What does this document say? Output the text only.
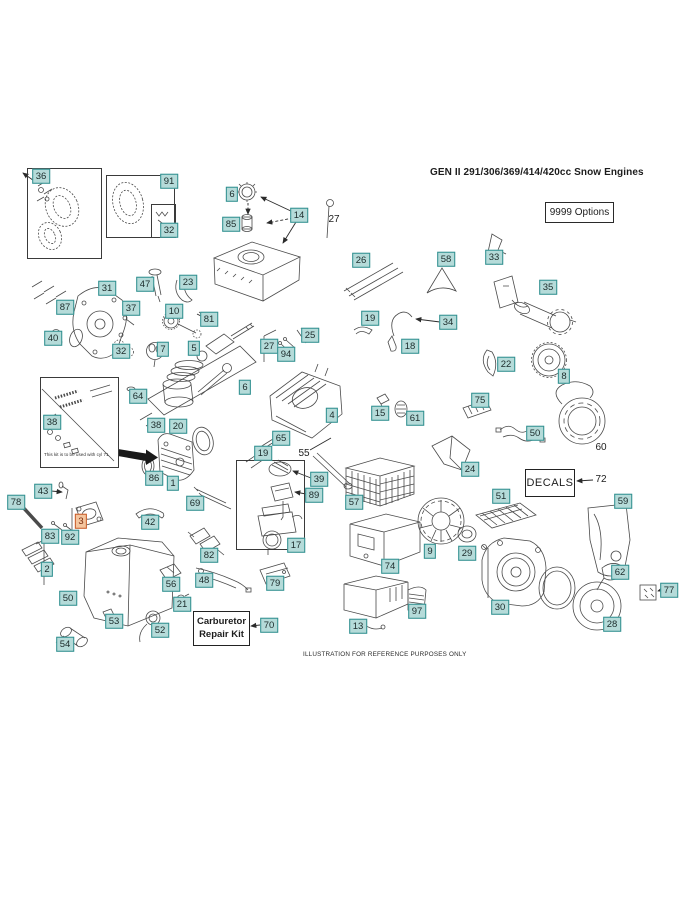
GEN II 291/306/369/414/420cc Snow Engines
9999 Options
DECALS
Carburetor
Repair Kit
This kit is to be used with cyl 71
ILLUSTRATION FOR REFERENCE PURPOSES ONLY
36	91
32
6
85
14	27
26	58	33
35
47	23
31
87	37	10
81	19	34
18
40
32	7	5
25
27
94
22
8
64
6
15	61
75
50
60
24
38	38	20
4
65
19	55
86	1
69
39
89
17
43
78
3
83 92
42
2
82
57
51	59
74
9	29
62
77
97
13
30
28
50
53
54
52
56
21
48	79
70
72
